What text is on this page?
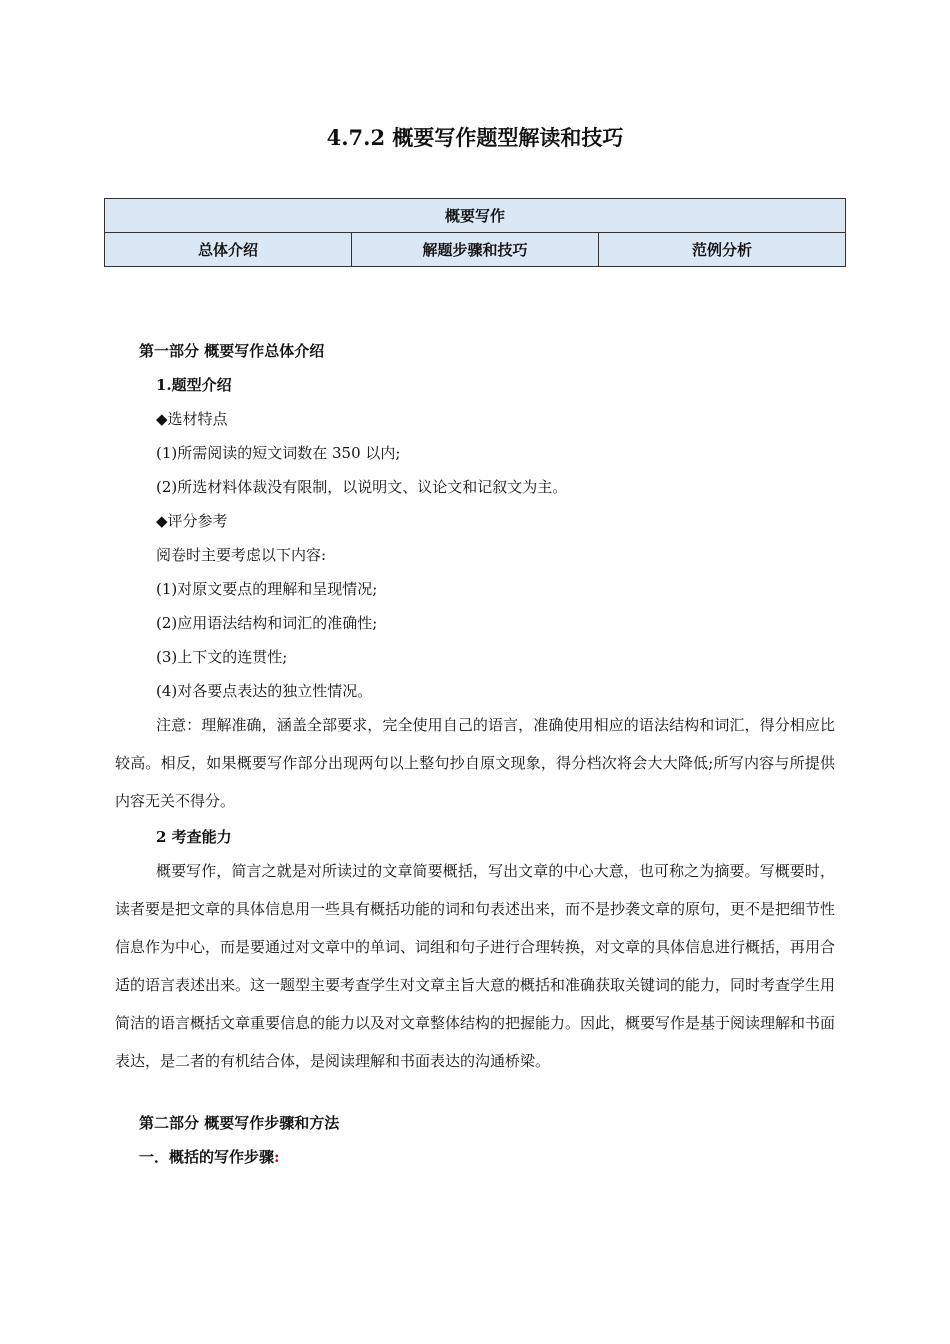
4.7.2 概要写作题型解读和技巧
概要写作
总体介绍	解题步骤和技巧	范例分析
第一部分 概要写作总体介绍
1.题型介绍
◆选材特点
(1)所需阅读的短文词数在 350 以内;
(2)所选材料体裁没有限制，以说明文、议论文和记叙文为主。
◆评分参考
阅卷时主要考虑以下内容:
(1)对原文要点的理解和呈现情况;
(2)应用语法结构和词汇的准确性;
(3)上下文的连贯性;
(4)对各要点表达的独立性情况。

注意：理解准确，涵盖全部要求，完全使用自己的语言，准确使用相应的语法结构和词汇，得分相应比较高。相反，如果概要写作部分出现两句以上整句抄自原文现象，得分档次将会大大降低;所写内容与所提供内容无关不得分。

2 考查能力

概要写作，简言之就是对所读过的文章简要概括，写出文章的中心大意，也可称之为摘要。写概要时，读者要是把文章的具体信息用一些具有概括功能的词和句表述出来，而不是抄袭文章的原句，更不是把细节性信息作为中心，而是要通过对文章中的单词、词组和句子进行合理转换，对文章的具体信息进行概括，再用合适的语言表述出来。这一题型主要考查学生对文章主旨大意的概括和准确获取关键词的能力，同时考查学生用简洁的语言概括文章重要信息的能力以及对文章整体结构的把握能力。因此，概要写作是基于阅读理解和书面表达，是二者的有机结合体，是阅读理解和书面表达的沟通桥梁。

第二部分 概要写作步骤和方法
一．概括的写作步骤:
